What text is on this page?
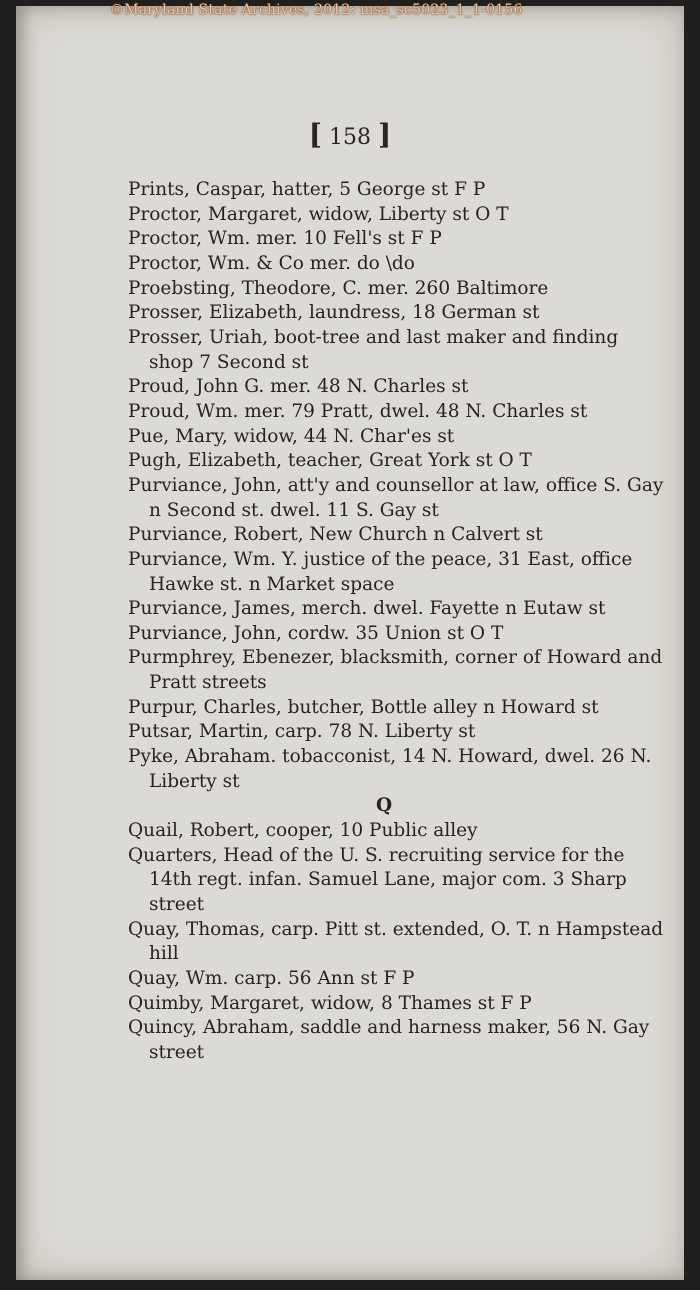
©Maryland State Archives, 2012: msa_sc5023_1_1-0156
[ 158 ]

Prints, Caspar, hatter, 5 George st F P

Proctor, Margaret, widow, Liberty st O T

Proctor, Wm. mer. 10 Fell's st F P

Proctor, Wm. & Co mer. do \do

Proebsting, Theodore, C. mer. 260 Baltimore

Prosser, Elizabeth, laundress, 18 German st

Prosser, Uriah, boot-tree and last maker and finding shop 7 Second st

Proud, John G. mer. 48 N. Charles st

Proud, Wm. mer. 79 Pratt, dwel. 48 N. Charles st

Pue, Mary, widow, 44 N. Char'es st

Pugh, Elizabeth, teacher, Great York st O T

Purviance, John, att'y and counsellor at law, office S. Gay n Second st. dwel. 11 S. Gay st

Purviance, Robert, New Church n Calvert st

Purviance, Wm. Y. justice of the peace, 31 East, office Hawke st. n Market space

Purviance, James, merch. dwel. Fayette n Eutaw st

Purviance, John, cordw. 35 Union st O T

Purmphrey, Ebenezer, blacksmith, corner of Howard and Pratt streets

Purpur, Charles, butcher, Bottle alley n Howard st

Putsar, Martin, carp. 78 N. Liberty st

Pyke, Abraham. tobacconist, 14 N. Howard, dwel. 26 N. Liberty st

Q

Quail, Robert, cooper, 10 Public alley

Quarters, Head of the U. S. recruiting service for the 14th regt. infan. Samuel Lane, major com. 3 Sharp street

Quay, Thomas, carp. Pitt st. extended, O. T. n Hampstead hill

Quay, Wm. carp. 56 Ann st F P

Quimby, Margaret, widow, 8 Thames st F P

Quincy, Abraham, saddle and harness maker, 56 N. Gay street
